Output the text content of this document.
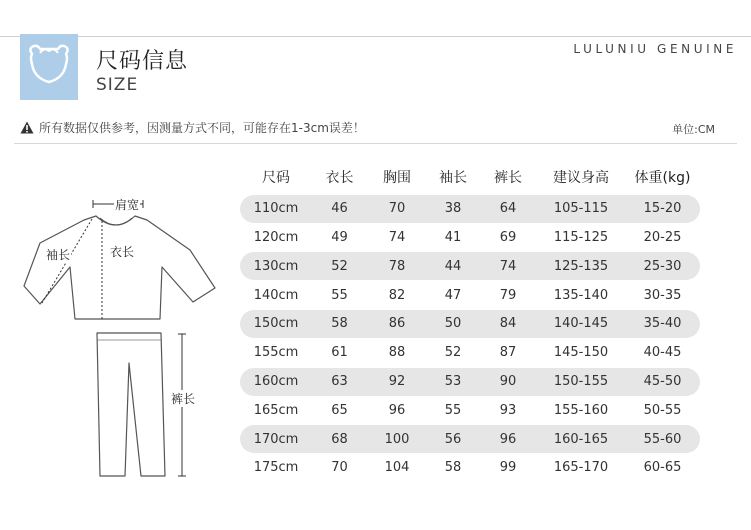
尺码信息
SIZE
LULUNIU GENUINE
所有数据仅供参考，因测量方式不同，可能存在1-3cm误差！	单位:CM
肩宽
袖长	衣长
裤长
尺码	衣长	胸围	袖长	裤长	建议身高	体重(kg)
110cm	46	70	38	64	105-115	15-20
120cm	49	74	41	69	115-125	20-25
130cm	52	78	44	74	125-135	25-30
140cm	55	82	47	79	135-140	30-35
150cm	58	86	50	84	140-145	35-40
155cm	61	88	52	87	145-150	40-45
160cm	63	92	53	90	150-155	45-50
165cm	65	96	55	93	155-160	50-55
170cm	68	100	56	96	160-165	55-60
175cm	70	104	58	99	165-170	60-65
